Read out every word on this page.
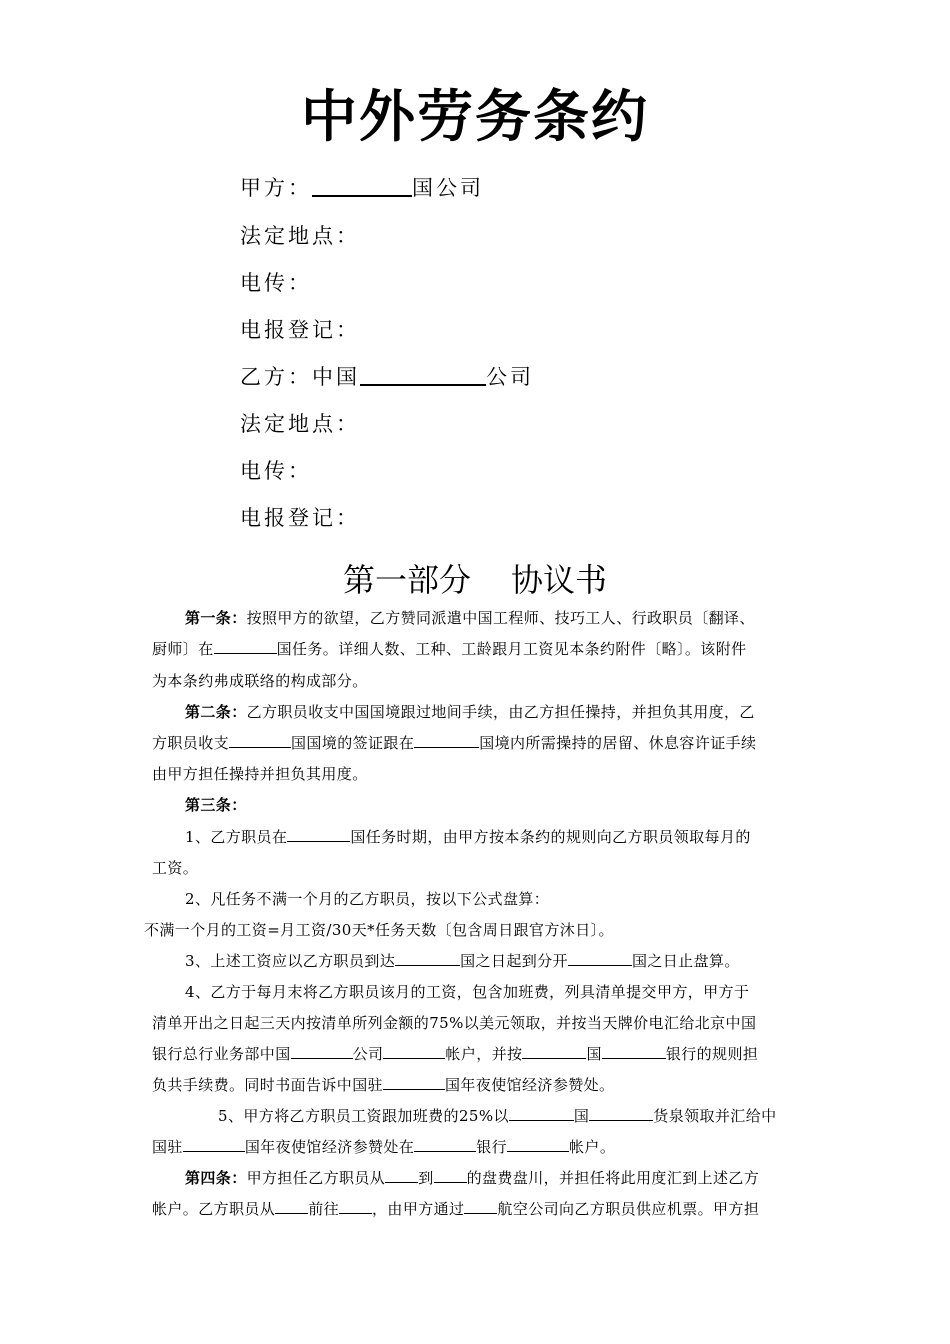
中外劳务条约
甲方：	国公司
法定地点：
电传：
电报登记：
乙方：中国	公司
法定地点：
电传：
电报登记：
第一部分 协议书
第一条：按照甲方的欲望，乙方赞同派遣中国工程师、技巧工人、行政职员〔翻译、
厨师〕在	国任务。详细人数、工种、工龄跟月工资见本条约附件〔略〕。该附件
为本条约弗成联络的构成部分。
第二条：乙方职员收支中国国境跟过地间手续，由乙方担任操持，并担负其用度，乙
方职员收支	国国境的签证跟在	国境内所需操持的居留、休息容许证手续
由甲方担任操持并担负其用度。
第三条：
1、乙方职员在	国任务时期，由甲方按本条约的规则向乙方职员领取每月的
工资。
2、凡任务不满一个月的乙方职员，按以下公式盘算：
不满一个月的工资=月工资/30天*任务天数〔包含周日跟官方沐日〕。
3、上述工资应以乙方职员到达	国之日起到分开	国之日止盘算。
4、乙方于每月末将乙方职员该月的工资，包含加班费，列具清单提交甲方，甲方于
清单开出之日起三天内按清单所列金额的75%以美元领取，并按当天牌价电汇给北京中国
银行总行业务部中国	公司	帐户，并按	国	银行的规则担
负共手续费。同时书面告诉中国驻	国年夜使馆经济参赞处。
5、甲方将乙方职员工资跟加班费的25%以	国	货泉领取并汇给中
国驻	国年夜使馆经济参赞处在	银行	帐户。
第四条：甲方担任乙方职员从 到 的盘费盘川，并担任将此用度汇到上述乙方
帐户。乙方职员从 前往 ，由甲方通过 航空公司向乙方职员供应机票。甲方担
